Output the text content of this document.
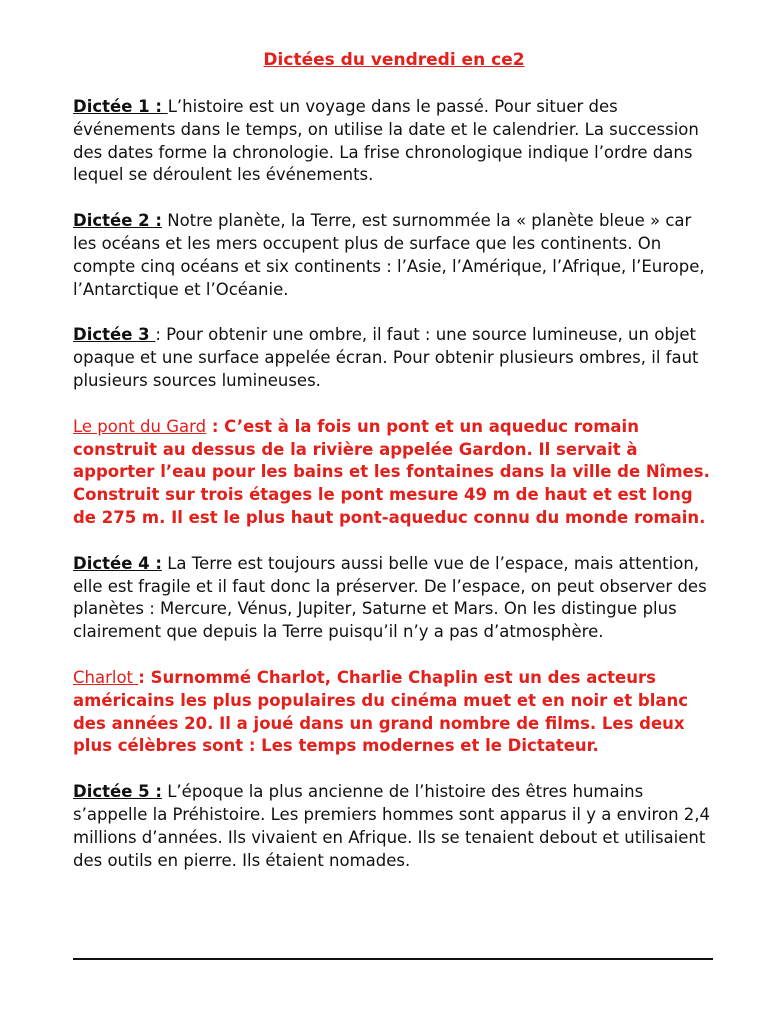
Dictées du vendredi en ce2

Dictée 1 : L’histoire est un voyage dans le passé. Pour situer des événements dans le temps, on utilise la date et le calendrier. La succession des dates forme la chronologie. La frise chronologique indique l’ordre dans lequel se déroulent les événements.

Dictée 2 : Notre planète, la Terre, est surnommée la « planète bleue » car les océans et les mers occupent plus de surface que les continents. On compte cinq océans et six continents : l’Asie, l’Amérique, l’Afrique, l’Europe, l’Antarctique et l’Océanie.

Dictée 3 : Pour obtenir une ombre, il faut : une source lumineuse, un objet opaque et une surface appelée écran. Pour obtenir plusieurs ombres, il faut plusieurs sources lumineuses.

Le pont du Gard : C’est à la fois un pont et un aqueduc romain construit au dessus de la rivière appelée Gardon. Il servait à apporter l’eau pour les bains et les fontaines dans la ville de Nîmes. Construit sur trois étages le pont mesure 49 m de haut et est long de 275 m. Il est le plus haut pont-aqueduc connu du monde romain.

Dictée 4 : La Terre est toujours aussi belle vue de l’espace, mais attention, elle est fragile et il faut donc la préserver. De l’espace, on peut observer des planètes : Mercure, Vénus, Jupiter, Saturne et Mars. On les distingue plus clairement que depuis la Terre puisqu’il n’y a pas d’atmosphère.

Charlot : Surnommé Charlot, Charlie Chaplin est un des acteurs américains les plus populaires du cinéma muet et en noir et blanc des années 20. Il a joué dans un grand nombre de films. Les deux plus célèbres sont : Les temps modernes et le Dictateur.

Dictée 5 : L’époque la plus ancienne de l’histoire des êtres humains s’appelle la Préhistoire. Les premiers hommes sont apparus il y a environ 2,4 millions d’années. Ils vivaient en Afrique. Ils se tenaient debout et utilisaient des outils en pierre. Ils étaient nomades.
